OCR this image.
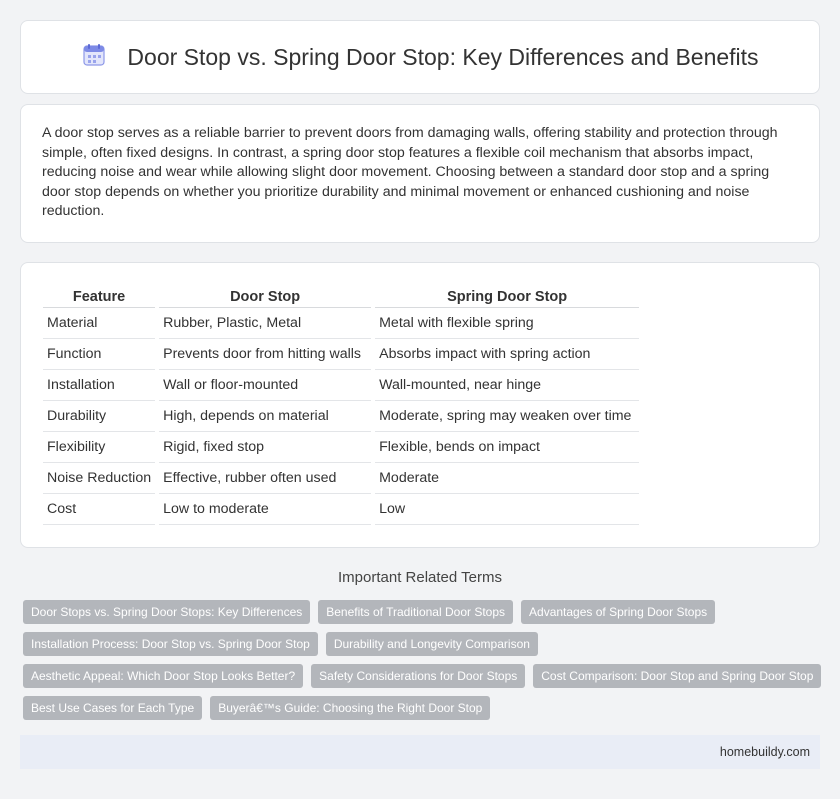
Door Stop vs. Spring Door Stop: Key Differences and Benefits

A door stop serves as a reliable barrier to prevent doors from damaging walls, offering stability and protection through simple, often fixed designs. In contrast, a spring door stop features a flexible coil mechanism that absorbs impact, reducing noise and wear while allowing slight door movement. Choosing between a standard door stop and a spring door stop depends on whether you prioritize durability and minimal movement or enhanced cushioning and noise reduction.

Feature	Door Stop	Spring Door Stop
Material	Rubber, Plastic, Metal	Metal with flexible spring
Function	Prevents door from hitting walls	Absorbs impact with spring action
Installation	Wall or floor-mounted	Wall-mounted, near hinge
Durability	High, depends on material	Moderate, spring may weaken over time
Flexibility	Rigid, fixed stop	Flexible, bends on impact
Noise Reduction	Effective, rubber often used	Moderate
Cost	Low to moderate	Low
Important Related Terms
Door Stops vs. Spring Door Stops: Key Differences	Benefits of Traditional Door Stops	Advantages of Spring Door Stops
Installation Process: Door Stop vs. Spring Door Stop	Durability and Longevity Comparison
Aesthetic Appeal: Which Door Stop Looks Better?	Safety Considerations for Door Stops	Cost Comparison: Door Stop and Spring Door Stop
Best Use Cases for Each Type	Buyerâ€™s Guide: Choosing the Right Door Stop
homebuildy.com
